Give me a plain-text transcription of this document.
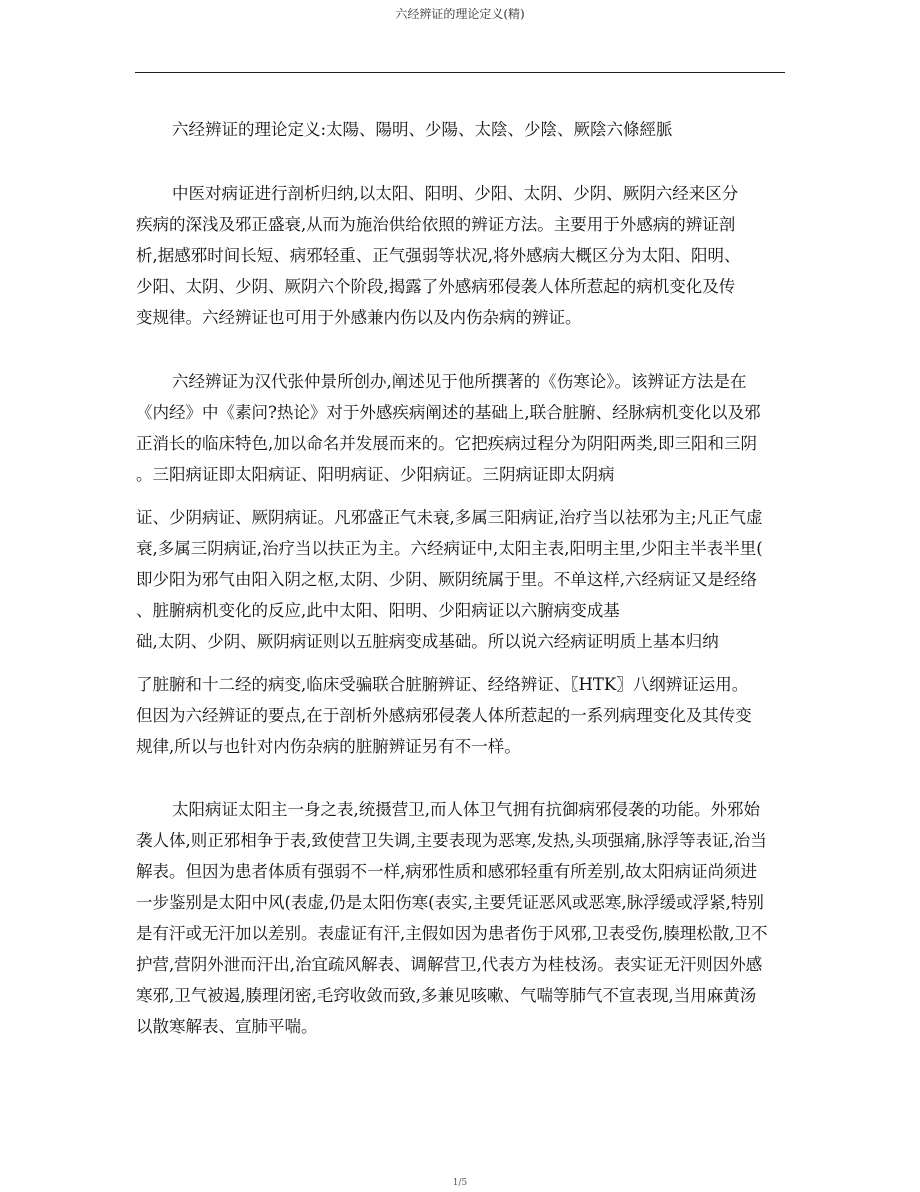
六经辨证的理论定义(精)

六经辨证的理论定义:太陽、陽明、少陽、太陰、少陰、厥陰六條經脈

中医对病证进行剖析归纳,以太阳、阳明、少阳、太阴、少阴、厥阴六经来区分

疾病的深浅及邪正盛衰,从而为施治供给依照的辨证方法。主要用于外感病的辨证剖

析,据感邪时间长短、病邪轻重、正气强弱等状况,将外感病大概区分为太阳、阳明、

少阳、太阴、少阴、厥阴六个阶段,揭露了外感病邪侵袭人体所惹起的病机变化及传

变规律。六经辨证也可用于外感兼内伤以及内伤杂病的辨证。

六经辨证为汉代张仲景所创办,阐述见于他所撰著的《伤寒论》。该辨证方法是在

《内经》中《素问?热论》对于外感疾病阐述的基础上,联合脏腑、经脉病机变化以及邪

正消长的临床特色,加以命名并发展而来的。它把疾病过程分为阴阳两类,即三阳和三阴

。三阳病证即太阳病证、阳明病证、少阳病证。三阴病证即太阴病

证、少阴病证、厥阴病证。凡邪盛正气未衰,多属三阳病证,治疗当以祛邪为主;凡正气虚

衰,多属三阴病证,治疗当以扶正为主。六经病证中,太阳主表,阳明主里,少阳主半表半里(

即少阳为邪气由阳入阴之枢,太阴、少阴、厥阴统属于里。不单这样,六经病证又是经络

、脏腑病机变化的反应,此中太阳、阳明、少阳病证以六腑病变成基

础,太阴、少阴、厥阴病证则以五脏病变成基础。所以说六经病证明质上基本归纳

了脏腑和十二经的病变,临床受骗联合脏腑辨证、经络辨证、〖HTK〗八纲辨证运用。

但因为六经辨证的要点,在于剖析外感病邪侵袭人体所惹起的一系列病理变化及其传变

规律,所以与也针对内伤杂病的脏腑辨证另有不一样。

太阳病证太阳主一身之表,统摄营卫,而人体卫气拥有抗御病邪侵袭的功能。外邪始

袭人体,则正邪相争于表,致使营卫失调,主要表现为恶寒,发热,头项强痛,脉浮等表证,治当

解表。但因为患者体质有强弱不一样,病邪性质和感邪轻重有所差别,故太阳病证尚须进

一步鉴别是太阳中风(表虚,仍是太阳伤寒(表实,主要凭证恶风或恶寒,脉浮缓或浮紧,特别

是有汗或无汗加以差别。表虚证有汗,主假如因为患者伤于风邪,卫表受伤,腠理松散,卫不

护营,营阴外泄而汗出,治宜疏风解表、调解营卫,代表方为桂枝汤。表实证无汗则因外感

寒邪,卫气被遏,腠理闭密,毛窍收敛而致,多兼见咳嗽、气喘等肺气不宣表现,当用麻黄汤

以散寒解表、宣肺平喘。

1/5
